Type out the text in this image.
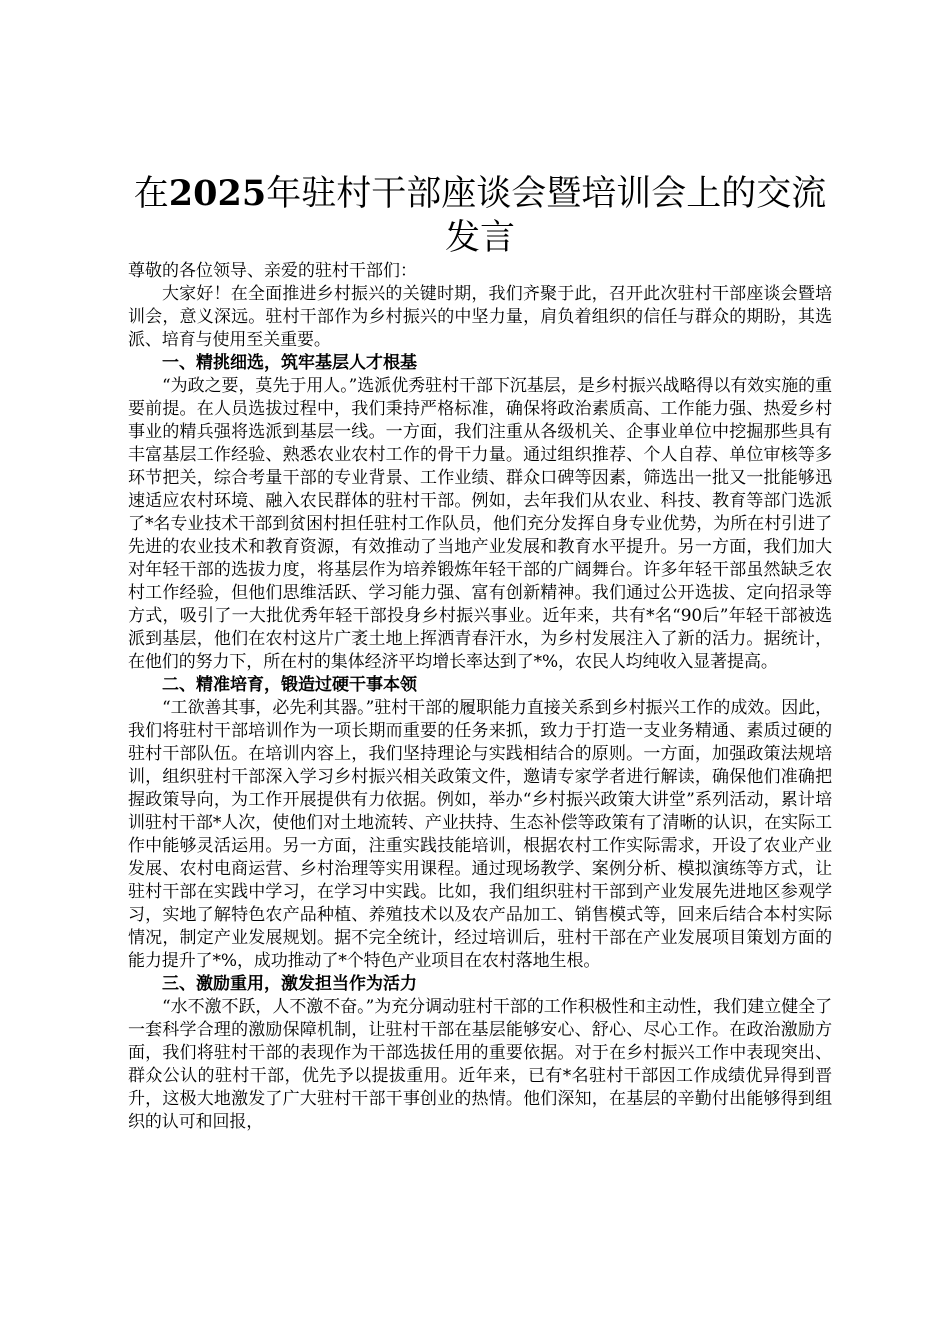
在2025年驻村干部座谈会暨培训会上的交流发言

尊敬的各位领导、亲爱的驻村干部们：

大家好！在全面推进乡村振兴的关键时期，我们齐聚于此，召开此次驻村干部座谈会暨培训会，意义深远。驻村干部作为乡村振兴的中坚力量，肩负着组织的信任与群众的期盼，其选派、培育与使用至关重要。

一、精挑细选，筑牢基层人才根基

“为政之要，莫先于用人。”选派优秀驻村干部下沉基层，是乡村振兴战略得以有效实施的重要前提。在人员选拔过程中，我们秉持严格标准，确保将政治素质高、工作能力强、热爱乡村事业的精兵强将选派到基层一线。一方面，我们注重从各级机关、企事业单位中挖掘那些具有丰富基层工作经验、熟悉农业农村工作的骨干力量。通过组织推荐、个人自荐、单位审核等多环节把关，综合考量干部的专业背景、工作业绩、群众口碑等因素，筛选出一批又一批能够迅速适应农村环境、融入农民群体的驻村干部。例如，去年我们从农业、科技、教育等部门选派了*名专业技术干部到贫困村担任驻村工作队员，他们充分发挥自身专业优势，为所在村引进了先进的农业技术和教育资源，有效推动了当地产业发展和教育水平提升。另一方面，我们加大对年轻干部的选拔力度，将基层作为培养锻炼年轻干部的广阔舞台。许多年轻干部虽然缺乏农村工作经验，但他们思维活跃、学习能力强、富有创新精神。我们通过公开选拔、定向招录等方式，吸引了一大批优秀年轻干部投身乡村振兴事业。近年来，共有*名“90后”年轻干部被选派到基层，他们在农村这片广袤土地上挥洒青春汗水，为乡村发展注入了新的活力。据统计，在他们的努力下，所在村的集体经济平均增长率达到了*%，农民人均纯收入显著提高。

二、精准培育，锻造过硬干事本领

“工欲善其事，必先利其器。”驻村干部的履职能力直接关系到乡村振兴工作的成效。因此，我们将驻村干部培训作为一项长期而重要的任务来抓，致力于打造一支业务精通、素质过硬的驻村干部队伍。在培训内容上，我们坚持理论与实践相结合的原则。一方面，加强政策法规培训，组织驻村干部深入学习乡村振兴相关政策文件，邀请专家学者进行解读，确保他们准确把握政策导向，为工作开展提供有力依据。例如，举办“乡村振兴政策大讲堂”系列活动，累计培训驻村干部*人次，使他们对土地流转、产业扶持、生态补偿等政策有了清晰的认识，在实际工作中能够灵活运用。另一方面，注重实践技能培训，根据农村工作实际需求，开设了农业产业发展、农村电商运营、乡村治理等实用课程。通过现场教学、案例分析、模拟演练等方式，让驻村干部在实践中学习，在学习中实践。比如，我们组织驻村干部到产业发展先进地区参观学习，实地了解特色农产品种植、养殖技术以及农产品加工、销售模式等，回来后结合本村实际情况，制定产业发展规划。据不完全统计，经过培训后，驻村干部在产业发展项目策划方面的能力提升了*%，成功推动了*个特色产业项目在农村落地生根。

三、激励重用，激发担当作为活力

“水不激不跃，人不激不奋。”为充分调动驻村干部的工作积极性和主动性，我们建立健全了一套科学合理的激励保障机制，让驻村干部在基层能够安心、舒心、尽心工作。在政治激励方面，我们将驻村干部的表现作为干部选拔任用的重要依据。对于在乡村振兴工作中表现突出、群众公认的驻村干部，优先予以提拔重用。近年来，已有*名驻村干部因工作成绩优异得到晋升，这极大地激发了广大驻村干部干事创业的热情。他们深知，在基层的辛勤付出能够得到组织的认可和回报，
